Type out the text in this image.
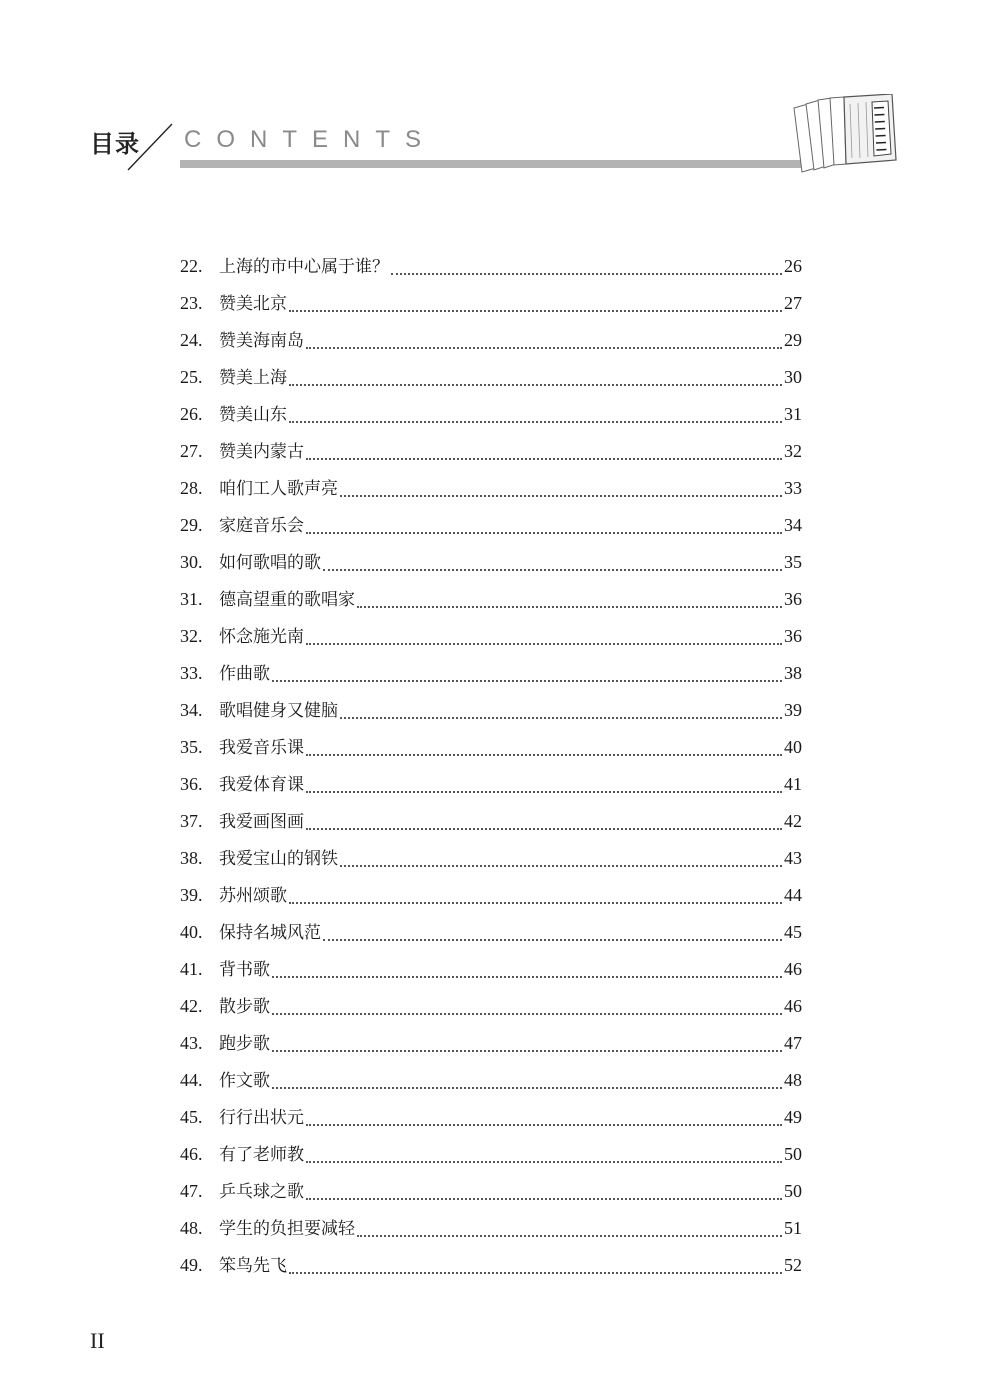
目录 CONTENTS
22. 上海的市中心属于谁？	26
23. 赞美北京	27
24. 赞美海南岛	29
25. 赞美上海	30
26. 赞美山东	31
27. 赞美内蒙古	32
28. 咱们工人歌声亮	33
29. 家庭音乐会	34
30. 如何歌唱的歌	35
31. 德高望重的歌唱家	36
32. 怀念施光南	36
33. 作曲歌	38
34. 歌唱健身又健脑	39
35. 我爱音乐课	40
36. 我爱体育课	41
37. 我爱画图画	42
38. 我爱宝山的钢铁	43
39. 苏州颂歌	44
40. 保持名城风范	45
41. 背书歌	46
42. 散步歌	46
43. 跑步歌	47
44. 作文歌	48
45. 行行出状元	49
46. 有了老师教	50
47. 乒乓球之歌	50
48. 学生的负担要减轻	51
49. 笨鸟先飞	52
II
